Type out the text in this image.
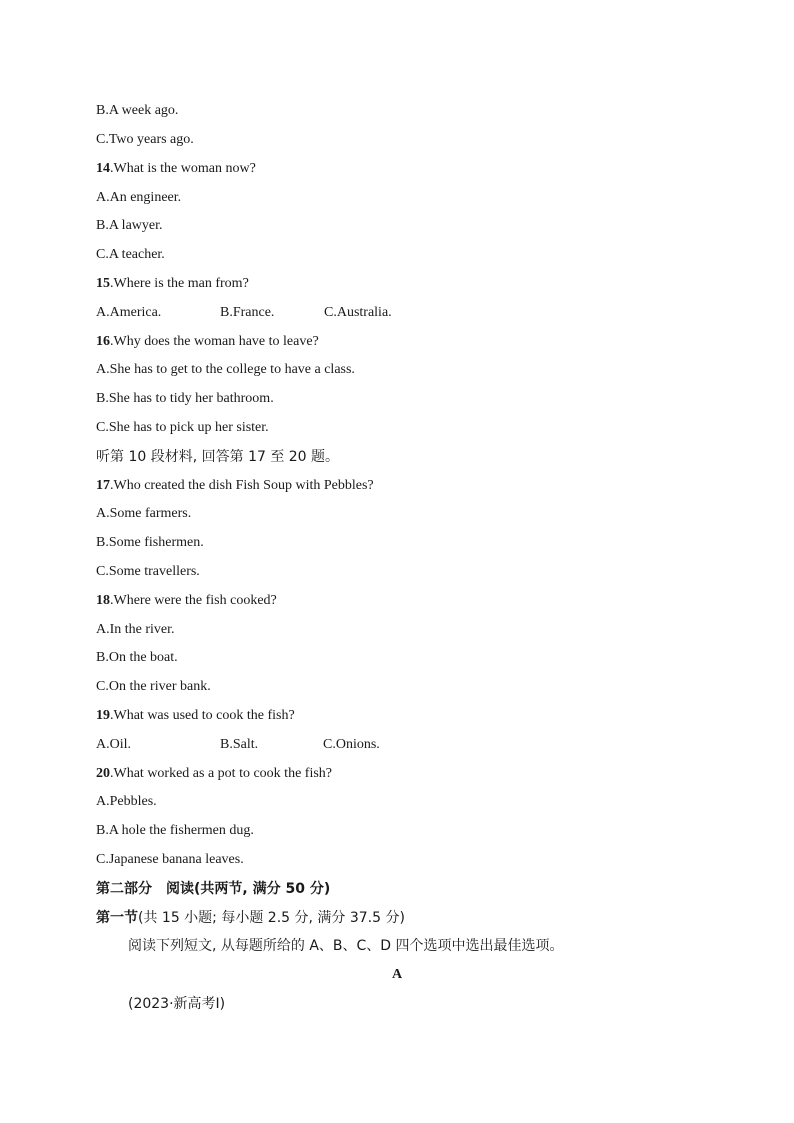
B.A week ago.
C.Two years ago.
14.What is the woman now?
A.An engineer.
B.A lawyer.
C.A teacher.
15.Where is the man from?
A.America.	B.France.	C.Australia.
16.Why does the woman have to leave?
A.She has to get to the college to have a class.
B.She has to tidy her bathroom.
C.She has to pick up her sister.
听第 10 段材料, 回答第 17 至 20 题。
17.Who created the dish Fish Soup with Pebbles?
A.Some farmers.
B.Some fishermen.
C.Some travellers.
18.Where were the fish cooked?
A.In the river.
B.On the boat.
C.On the river bank.
19.What was used to cook the fish?
A.Oil.	B.Salt.	C.Onions.
20.What worked as a pot to cook the fish?
A.Pebbles.
B.A hole the fishermen dug.
C.Japanese banana leaves.
第二部分　阅读(共两节, 满分 50 分)
第一节(共 15 小题; 每小题 2.5 分, 满分 37.5 分)
阅读下列短文, 从每题所给的 A、B、C、D 四个选项中选出最佳选项。
A
(2023·新高考Ⅰ)
